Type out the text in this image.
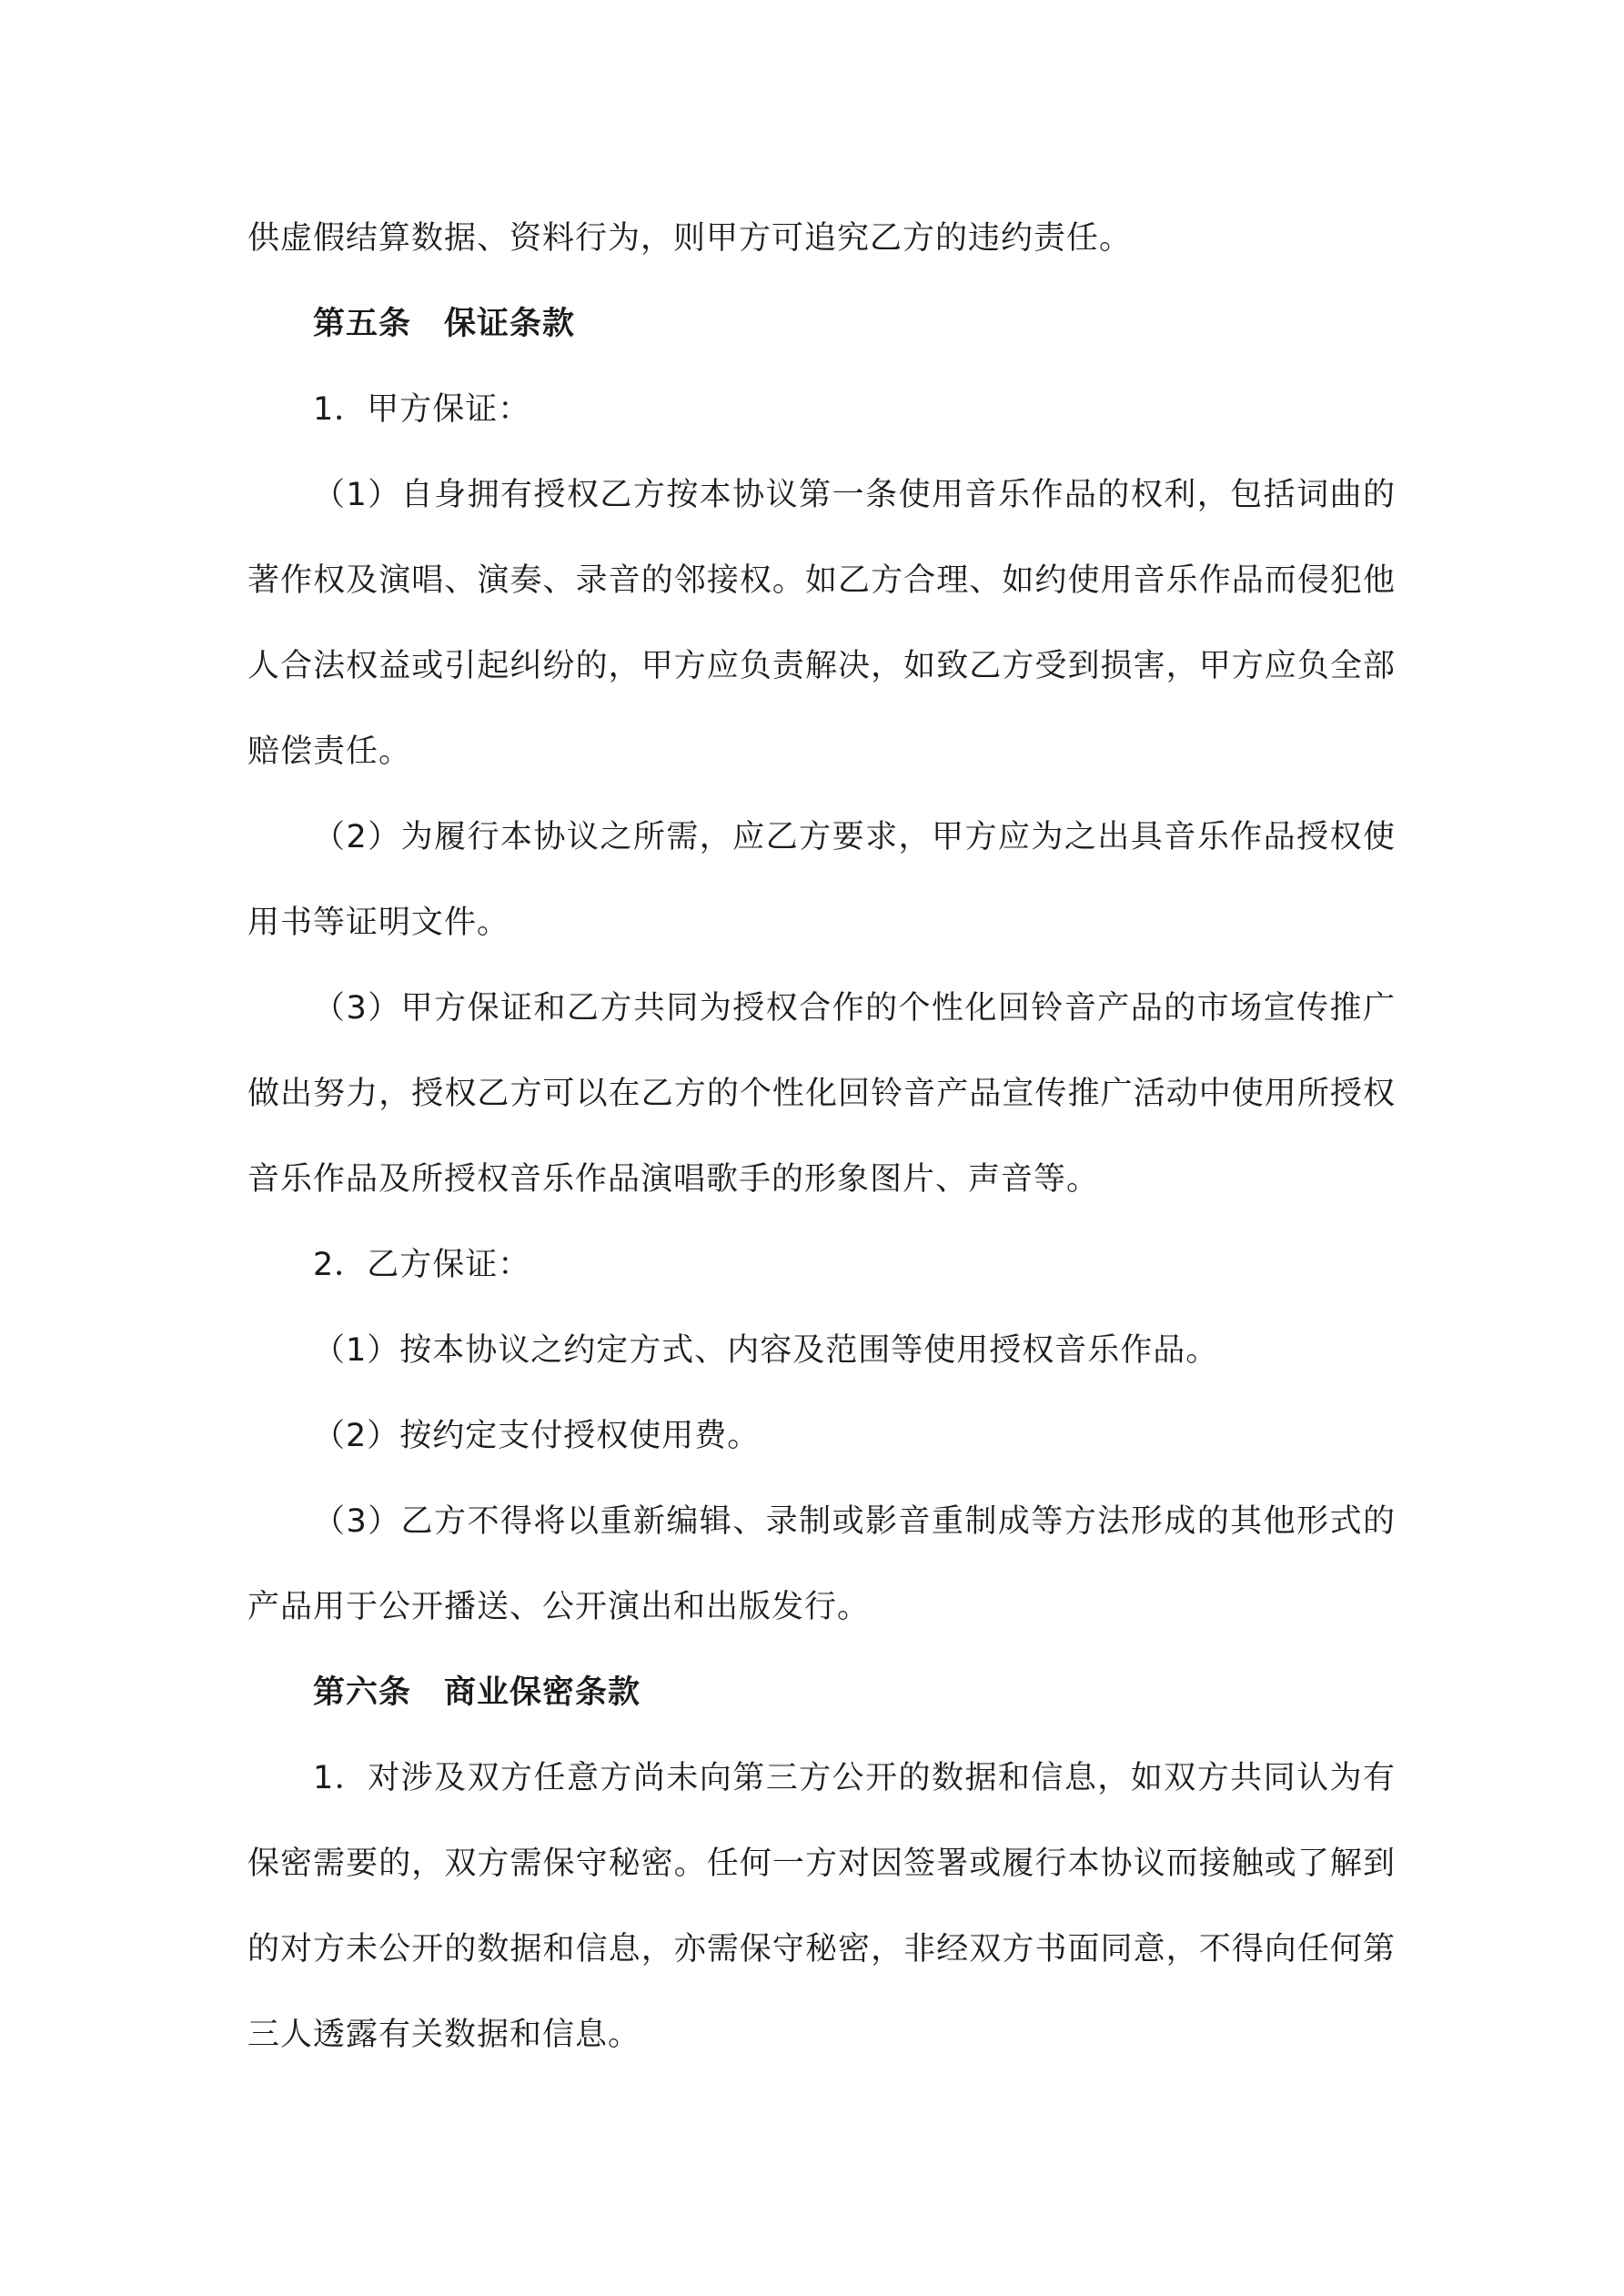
供虚假结算数据、资料行为，则甲方可追究乙方的违约责任。

第五条　保证条款

1．甲方保证：

（1）自身拥有授权乙方按本协议第一条使用音乐作品的权利，包括词曲的著作权及演唱、演奏、录音的邻接权。如乙方合理、如约使用音乐作品而侵犯他人合法权益或引起纠纷的，甲方应负责解决，如致乙方受到损害，甲方应负全部赔偿责任。

（2）为履行本协议之所需，应乙方要求，甲方应为之出具音乐作品授权使用书等证明文件。

（3）甲方保证和乙方共同为授权合作的个性化回铃音产品的市场宣传推广做出努力，授权乙方可以在乙方的个性化回铃音产品宣传推广活动中使用所授权音乐作品及所授权音乐作品演唱歌手的形象图片、声音等。

2．乙方保证：

（1）按本协议之约定方式、内容及范围等使用授权音乐作品。

（2）按约定支付授权使用费。

（3）乙方不得将以重新编辑、录制或影音重制成等方法形成的其他形式的产品用于公开播送、公开演出和出版发行。

第六条　商业保密条款

1．对涉及双方任意方尚未向第三方公开的数据和信息，如双方共同认为有保密需要的，双方需保守秘密。任何一方对因签署或履行本协议而接触或了解到的对方未公开的数据和信息，亦需保守秘密，非经双方书面同意，不得向任何第三人透露有关数据和信息。
